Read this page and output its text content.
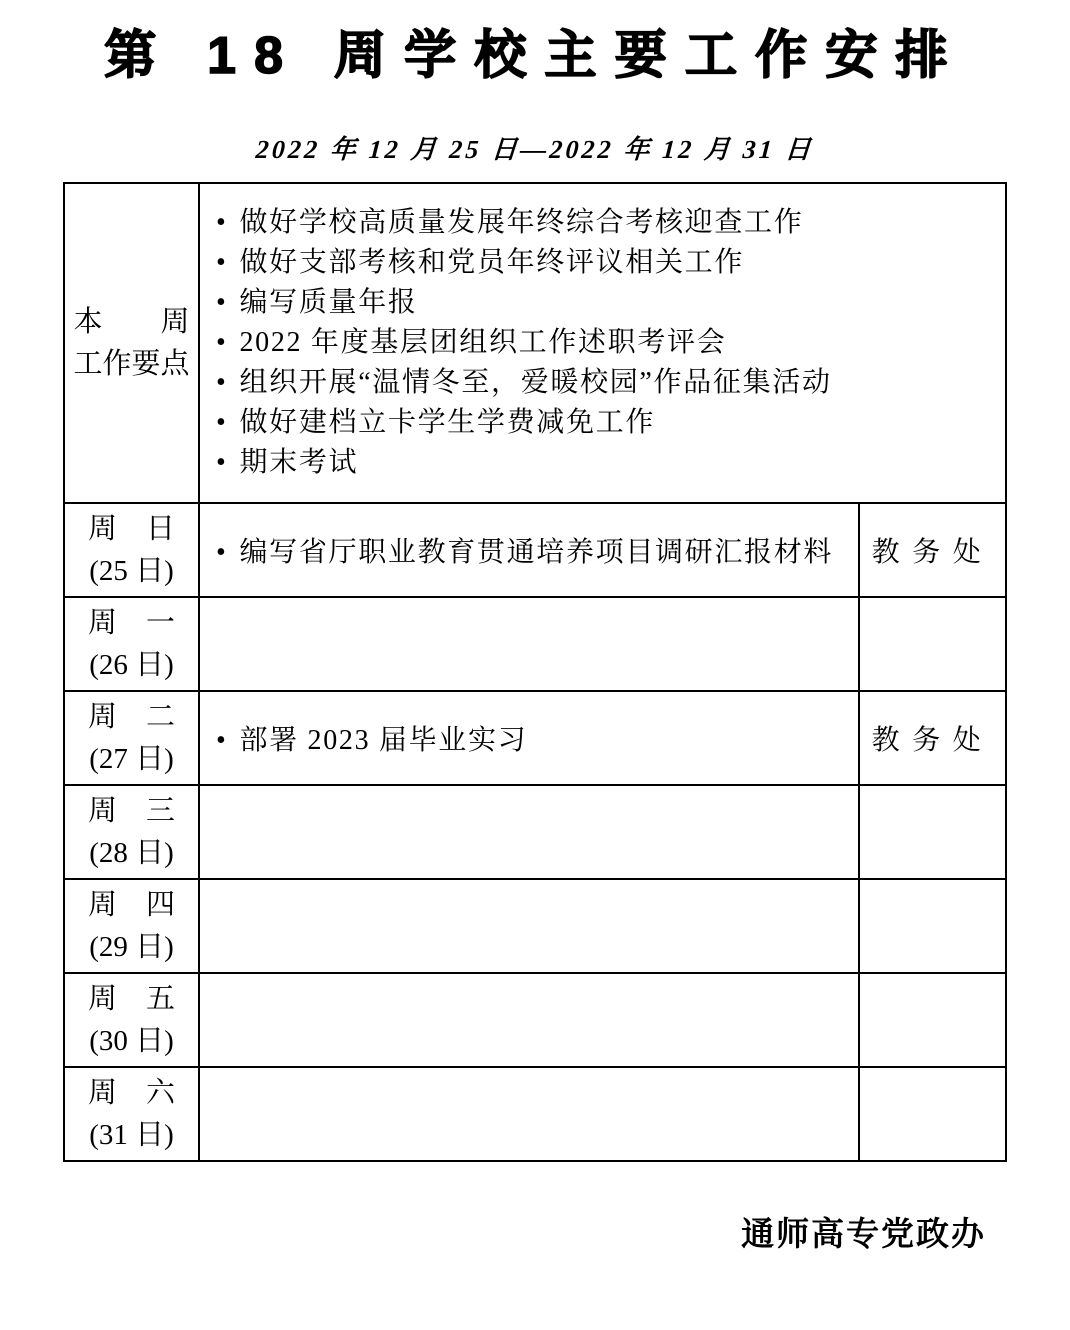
第 18 周学校主要工作安排
2022 年 12 月 25 日—2022 年 12 月 31 日
本　　周
工作要点

• 做好学校高质量发展年终综合考核迎查工作
• 做好支部考核和党员年终评议相关工作
• 编写质量年报
• 2022 年度基层团组织工作述职考评会
• 组织开展“温情冬至，爱暖校园”作品征集活动
• 做好建档立卡学生学费减免工作
• 期末考试

周　日
(25 日)	• 编写省厅职业教育贯通培养项目调研汇报材料	教务处

周　一
(26 日)		

周　二
(27 日)	• 部署 2023 届毕业实习	教务处

周　三
(28 日)		

周　四
(29 日)		

周　五
(30 日)		

周　六
(31 日)		

通师高专党政办
